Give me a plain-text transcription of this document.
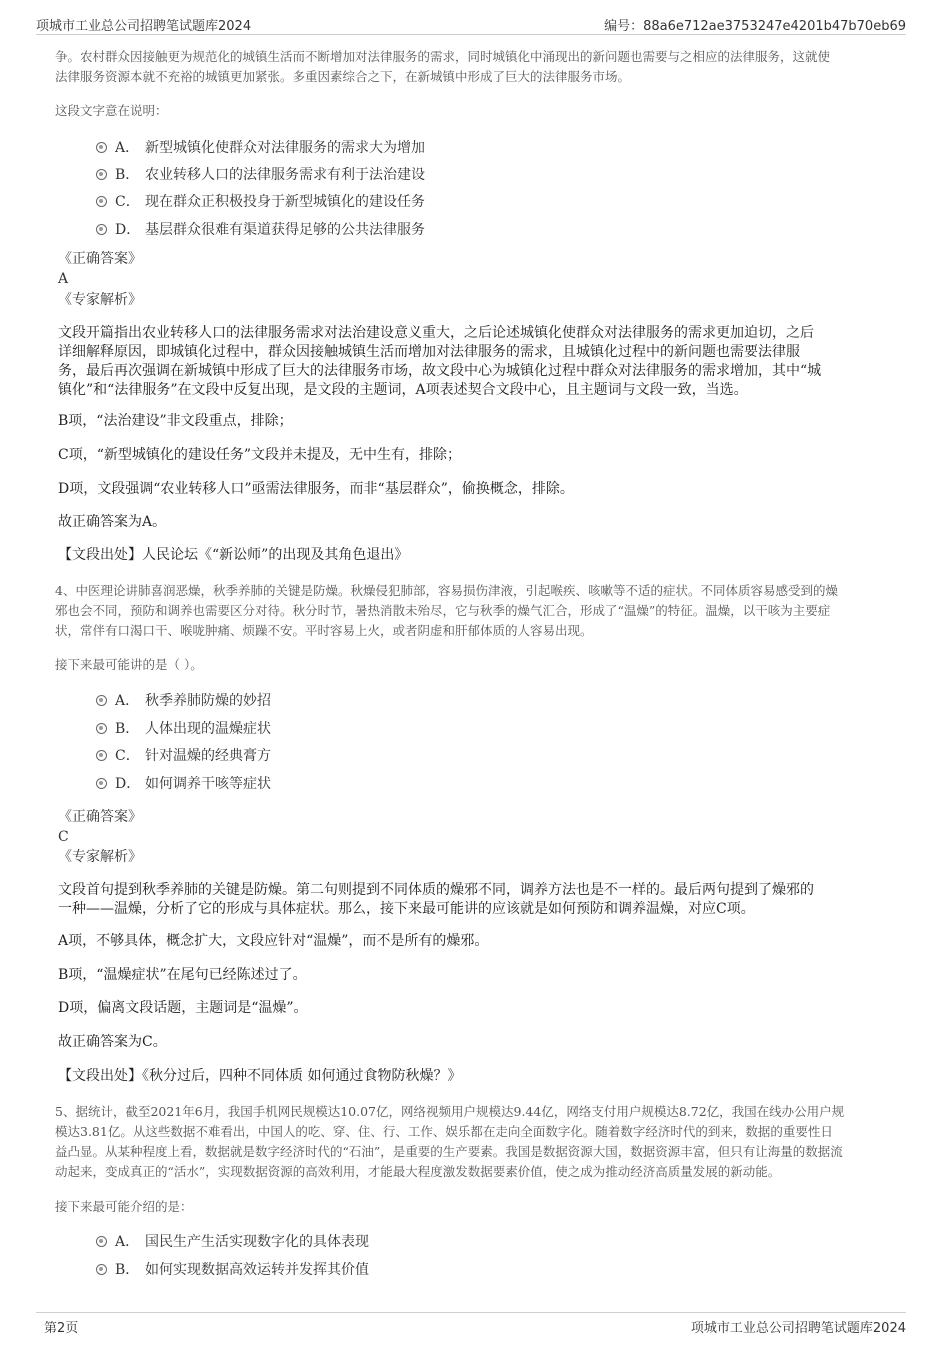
项城市工业总公司招聘笔试题库2024	编号：88a6e712ae3753247e4201b47b70eb69
争。农村群众因接触更为规范化的城镇生活而不断增加对法律服务的需求，同时城镇化中涌现出的新问题也需要与之相应的法律服务，这就使
法律服务资源本就不充裕的城镇更加紧张。多重因素综合之下，在新城镇中形成了巨大的法律服务市场。
这段文字意在说明：
A． 新型城镇化使群众对法律服务的需求大为增加
B． 农业转移人口的法律服务需求有利于法治建设
C． 现在群众正积极投身于新型城镇化的建设任务
D． 基层群众很难有渠道获得足够的公共法律服务
《正确答案》
A
《专家解析》
文段开篇指出农业转移人口的法律服务需求对法治建设意义重大，之后论述城镇化使群众对法律服务的需求更加迫切，之后
详细解释原因，即城镇化过程中，群众因接触城镇生活而增加对法律服务的需求，且城镇化过程中的新问题也需要法律服
务，最后再次强调在新城镇中形成了巨大的法律服务市场，故文段中心为城镇化过程中群众对法律服务的需求增加，其中“城
镇化”和“法律服务”在文段中反复出现，是文段的主题词，A项表述契合文段中心，且主题词与文段一致，当选。
B项，“法治建设”非文段重点，排除；
C项，“新型城镇化的建设任务”文段并未提及，无中生有，排除；
D项，文段强调“农业转移人口”亟需法律服务，而非“基层群众”，偷换概念，排除。
故正确答案为A。
【文段出处】人民论坛《“新讼师”的出现及其角色退出》
4、中医理论讲肺喜润恶燥，秋季养肺的关键是防燥。秋燥侵犯肺部，容易损伤津液，引起喉疾、咳嗽等不适的症状。不同体质容易感受到的燥
邪也会不同，预防和调养也需要区分对待。秋分时节，暑热消散未殆尽，它与秋季的燥气汇合，形成了“温燥”的特征。温燥，以干咳为主要症
状，常伴有口渴口干、喉咙肿痛、烦躁不安。平时容易上火，或者阴虚和肝郁体质的人容易出现。
接下来最可能讲的是（ ）。
A． 秋季养肺防燥的妙招
B． 人体出现的温燥症状
C． 针对温燥的经典膏方
D． 如何调养干咳等症状
《正确答案》
C
《专家解析》
文段首句提到秋季养肺的关键是防燥。第二句则提到不同体质的燥邪不同，调养方法也是不一样的。最后两句提到了燥邪的
一种——温燥，分析了它的形成与具体症状。那么，接下来最可能讲的应该就是如何预防和调养温燥，对应C项。
A项，不够具体，概念扩大，文段应针对“温燥”，而不是所有的燥邪。
B项，“温燥症状”在尾句已经陈述过了。
D项，偏离文段话题，主题词是“温燥”。
故正确答案为C。
【文段出处】《秋分过后，四种不同体质 如何通过食物防秋燥？》
5、据统计，截至2021年6月，我国手机网民规模达10.07亿，网络视频用户规模达9.44亿，网络支付用户规模达8.72亿，我国在线办公用户规
模达3.81亿。从这些数据不难看出，中国人的吃、穿、住、行、工作、娱乐都在走向全面数字化。随着数字经济时代的到来，数据的重要性日
益凸显。从某种程度上看，数据就是数字经济时代的“石油”，是重要的生产要素。我国是数据资源大国，数据资源丰富，但只有让海量的数据流
动起来，变成真正的“活水”，实现数据资源的高效利用，才能最大程度激发数据要素价值，使之成为推动经济高质量发展的新动能。
接下来最可能介绍的是：
A． 国民生产生活实现数字化的具体表现
B． 如何实现数据高效运转并发挥其价值
第2页	项城市工业总公司招聘笔试题库2024
